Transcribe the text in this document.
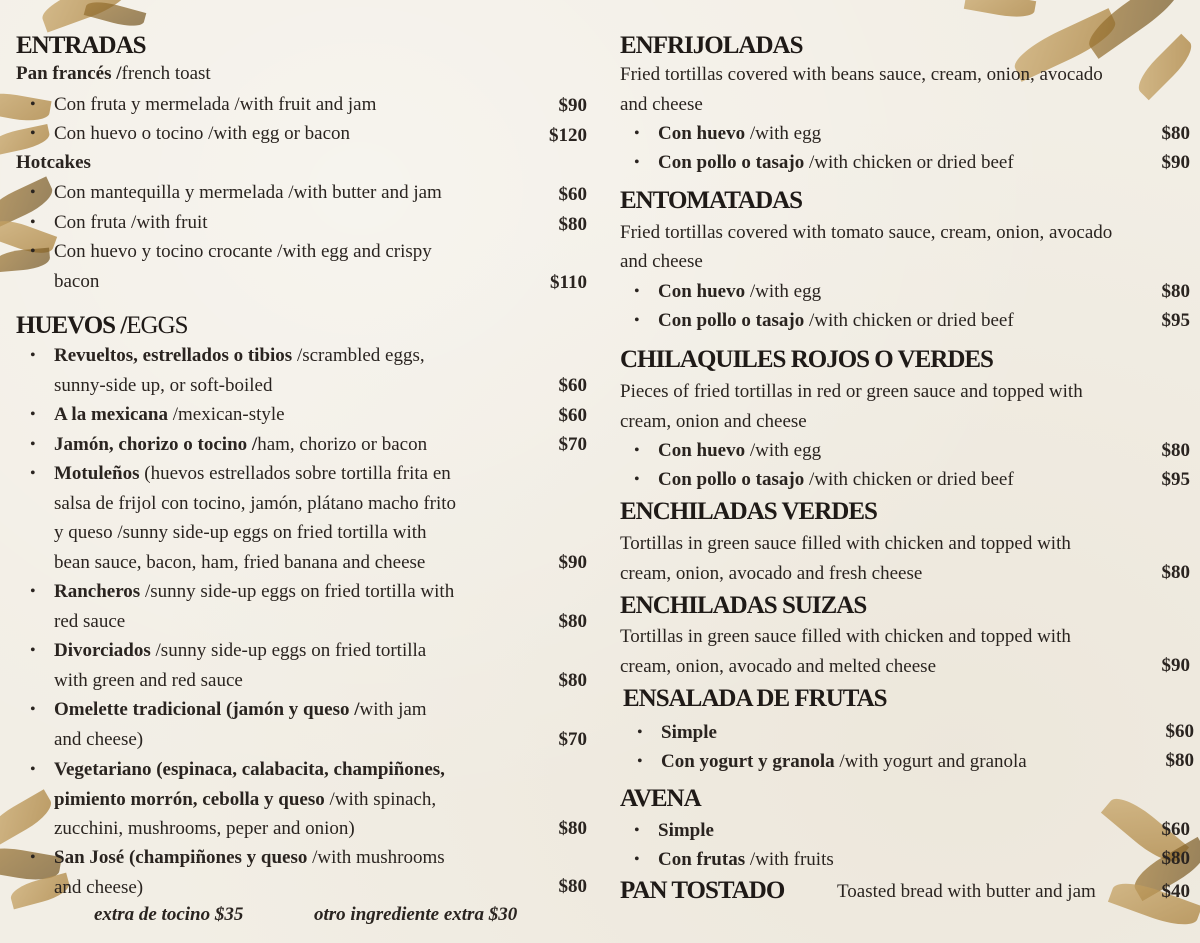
ENTRADAS
Pan francés /french toast
• Con fruta y mermelada /with fruit and jam	$90
• Con huevo o tocino /with egg or bacon	$120
Hotcakes
• Con mantequilla y mermelada /with butter and jam	$60
• Con fruta /with fruit	$80
• Con huevo y tocino crocante /with egg and crispy
bacon	$110
HUEVOS /EGGS
• Revueltos, estrellados o tibios /scrambled eggs,
sunny-side up, or soft-boiled	$60
• A la mexicana /mexican-style	$60
• Jamón, chorizo o tocino /ham, chorizo or bacon	$70
• Motuleños (huevos estrellados sobre tortilla frita en
salsa de frijol con tocino, jamón, plátano macho frito
y queso /sunny side-up eggs on fried tortilla with
bean sauce, bacon, ham, fried banana and cheese	$90
• Rancheros /sunny side-up eggs on fried tortilla with
red sauce	$80
• Divorciados /sunny side-up eggs on fried tortilla
with green and red sauce	$80
• Omelette tradicional (jamón y queso /with jam
and cheese)	$70
• Vegetariano (espinaca, calabacita, champiñones,
pimiento morrón, cebolla y queso /with spinach,
zucchini, mushrooms, peper and onion)	$80
• San José (champiñones y queso /with mushrooms
and cheese)	$80
extra de tocino $35	otro ingrediente extra $30
ENFRIJOLADAS
Fried tortillas covered with beans sauce, cream, onion, avocado
and cheese
• Con huevo /with egg	$80
• Con pollo o tasajo /with chicken or dried beef	$90
ENTOMATADAS
Fried tortillas covered with tomato sauce, cream, onion, avocado
and cheese
• Con huevo /with egg	$80
• Con pollo o tasajo /with chicken or dried beef	$95
CHILAQUILES ROJOS O VERDES
Pieces of fried tortillas in red or green sauce and topped with
cream, onion and cheese
• Con huevo /with egg	$80
• Con pollo o tasajo /with chicken or dried beef	$95
ENCHILADAS VERDES
Tortillas in green sauce filled with chicken and topped with
cream, onion, avocado and fresh cheese	$80
ENCHILADAS SUIZAS
Tortillas in green sauce filled with chicken and topped with
cream, onion, avocado and melted cheese	$90
ENSALADA DE FRUTAS
• Simple	$60
• Con yogurt y granola /with yogurt and granola	$80
AVENA
• Simple	$60
• Con frutas /with fruits	$80
PAN TOSTADO	Toasted bread with butter and jam	$40
